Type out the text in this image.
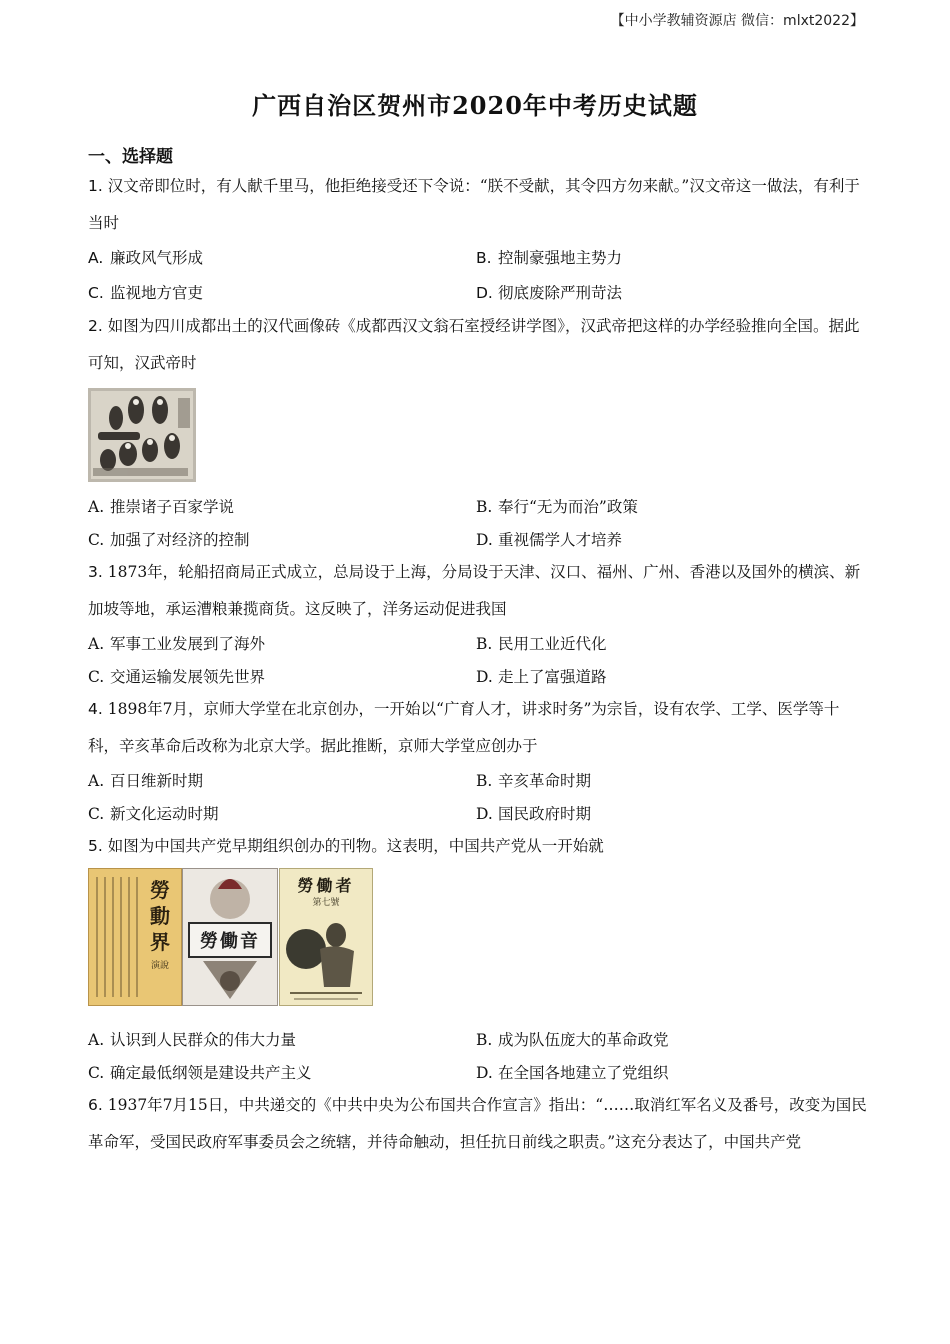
【中小学教辅资源店 微信：mlxt2022】
广西自治区贺州市2020年中考历史试题
一、选择题
1. 汉文帝即位时，有人献千里马，他拒绝接受还下令说：“朕不受献，其令四方勿来献。”汉文帝这一做法，有利于当时
A. 廉政风气形成	B. 控制豪强地主势力
C. 监视地方官吏	D. 彻底废除严刑苛法
2. 如图为四川成都出土的汉代画像砖《成都西汉文翁石室授经讲学图》，汉武帝把这样的办学经验推向全国。据此可知，汉武帝时
A. 推崇诸子百家学说	B. 奉行“无为而治”政策
C. 加强了对经济的控制	D. 重视儒学人才培养
3. 1873年，轮船招商局正式成立，总局设于上海，分局设于天津、汉口、福州、广州、香港以及国外的横滨、新加坡等地，承运漕粮兼揽商货。这反映了，洋务运动促进我国
A. 军事工业发展到了海外	B. 民用工业近代化
C. 交通运输发展领先世界	D. 走上了富强道路
4. 1898年7月，京师大学堂在北京创办，一开始以“广育人才，讲求时务”为宗旨，设有农学、工学、医学等十科，辛亥革命后改称为北京大学。据此推断，京师大学堂应创办于
A. 百日维新时期	B. 辛亥革命时期
C. 新文化运动时期	D. 国民政府时期
5. 如图为中国共产党早期组织创办的刊物。这表明，中国共产党从一开始就
勞動界
演說
勞働音
勞働者
第七號
A. 认识到人民群众的伟大力量	B. 成为队伍庞大的革命政党
C. 确定最低纲领是建设共产主义	D. 在全国各地建立了党组织
6. 1937年7月15日，中共递交的《中共中央为公布国共合作宣言》指出：“……取消红军名义及番号，改变为国民革命军，受国民政府军事委员会之统辖，并待命触动，担任抗日前线之职责。”这充分表达了，中国共产党
